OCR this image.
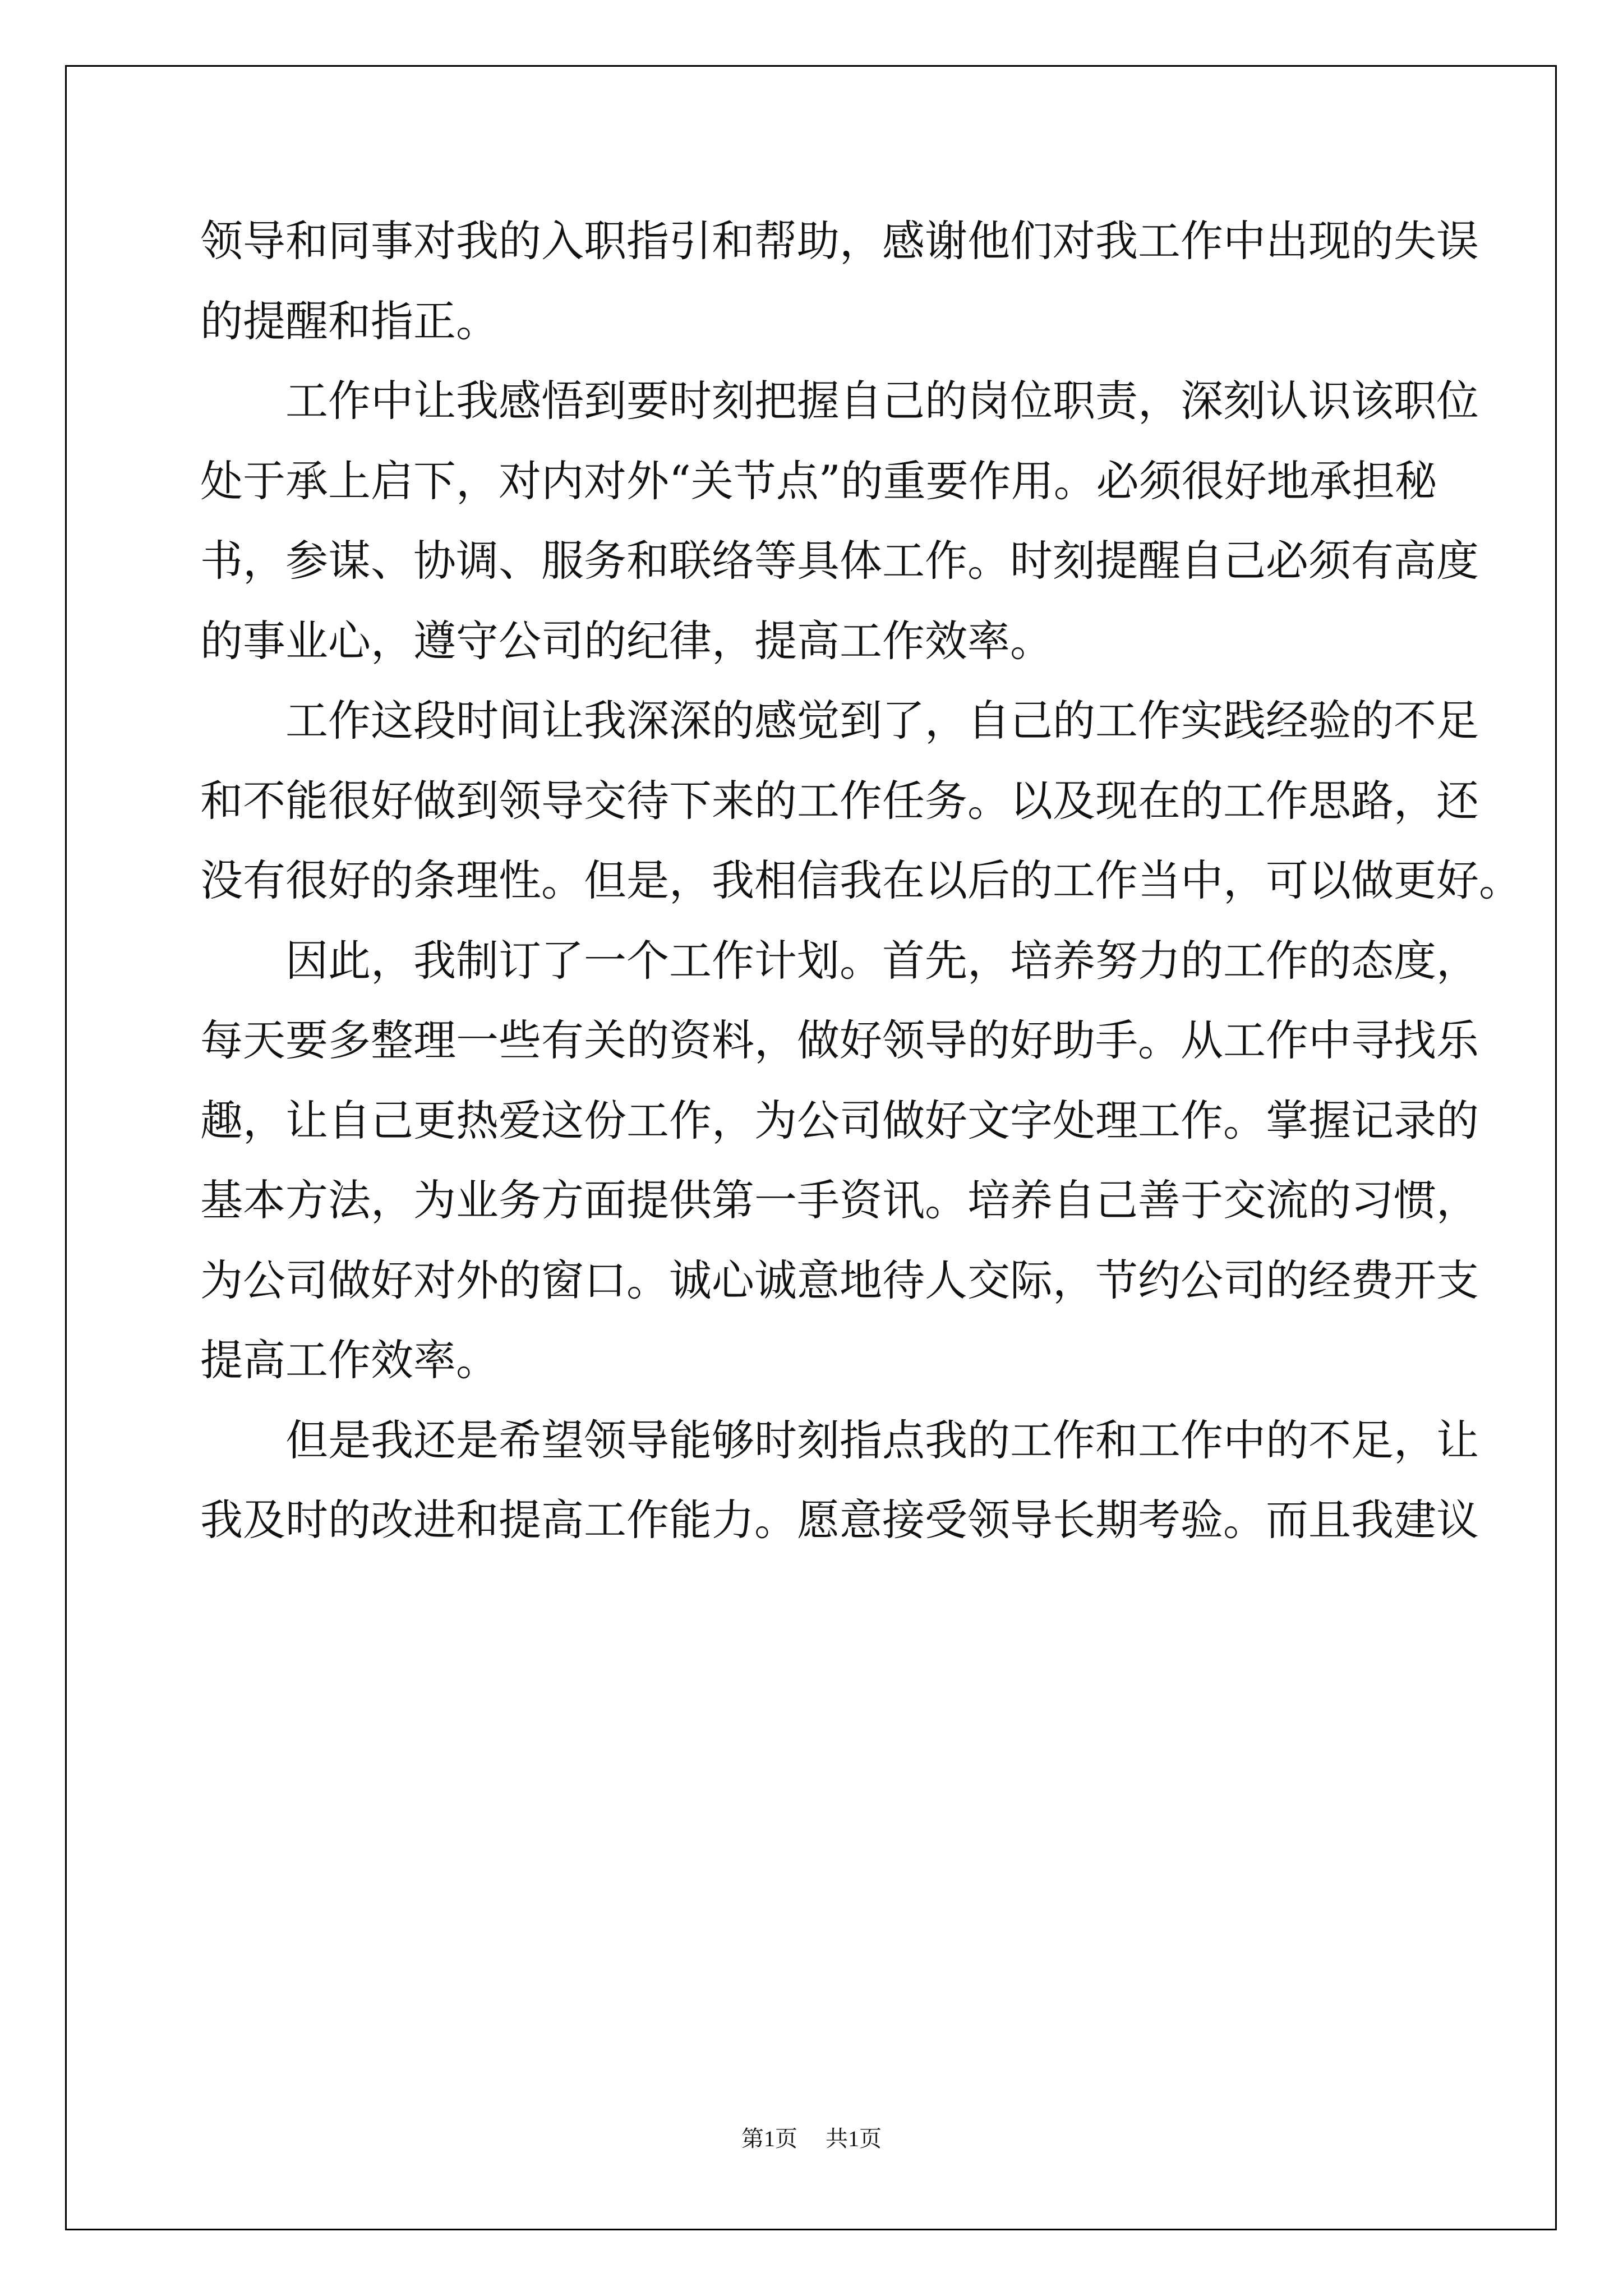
领导和同事对我的入职指引和帮助，感谢他们对我工作中出现的失误
的提醒和指正。
工作中让我感悟到要时刻把握自己的岗位职责，深刻认识该职位
处于承上启下，对内对外“关节点”的重要作用。必须很好地承担秘
书，参谋、协调、服务和联络等具体工作。时刻提醒自己必须有高度
的事业心，遵守公司的纪律，提高工作效率。
工作这段时间让我深深的感觉到了，自己的工作实践经验的不足
和不能很好做到领导交待下来的工作任务。以及现在的工作思路，还
没有很好的条理性。但是，我相信我在以后的工作当中，可以做更好。
因此，我制订了一个工作计划。首先，培养努力的工作的态度，
每天要多整理一些有关的资料，做好领导的好助手。从工作中寻找乐
趣，让自己更热爱这份工作，为公司做好文字处理工作。掌握记录的
基本方法，为业务方面提供第一手资讯。培养自己善于交流的习惯，
为公司做好对外的窗口。诚心诚意地待人交际，节约公司的经费开支
提高工作效率。
但是我还是希望领导能够时刻指点我的工作和工作中的不足，让
我及时的改进和提高工作能力。愿意接受领导长期考验。而且我建议
第1页 共1页
